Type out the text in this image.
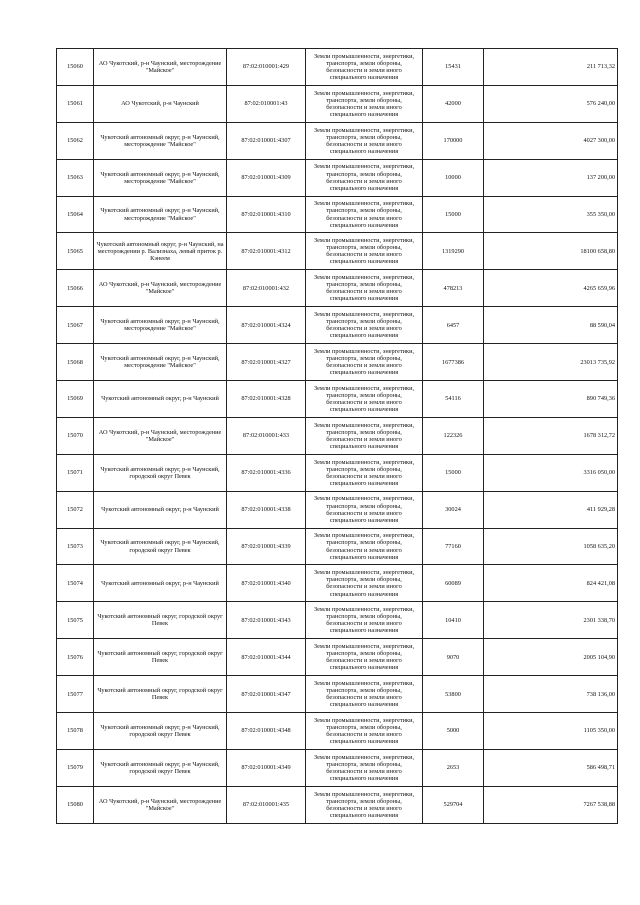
15060	АО Чукотский, р-н Чаунский, месторождение "Майское"	87:02:010001:429	Земли промышленности, энергетики, транспорта, земли обороны, безопасности и земли иного специального назначения	15431	211 713,32
15061	АО Чукотский, р-н Чаунский	87:02:010001:43	Земли промышленности, энергетики, транспорта, земли обороны, безопасности и земли иного специального назначения	42000	576 240,00
15062	Чукотский автономный округ, р-н Чаунский, месторождение "Майское"	87:02:010001:4307	Земли промышленности, энергетики, транспорта, земли обороны, безопасности и земли иного специального назначения	170000	4027 300,00
15063	Чукотский автономный округ, р-н Чаунский, месторождение "Майское"	87:02:010001:4309	Земли промышленности, энергетики, транспорта, земли обороны, безопасности и земли иного специального назначения	10000	137 200,00
15064	Чукотский автономный округ, р-н Чаунский, месторождение "Майское"	87:02:010001:4310	Земли промышленности, энергетики, транспорта, земли обороны, безопасности и земли иного специального назначения	15000	355 350,00
15065	Чукотский автономный округ, р-н Чаунский, на месторождении р. Вализнаха, левый приток р. Кэнеем	87:02:010001:4312	Земли промышленности, энергетики, транспорта, земли обороны, безопасности и земли иного специального назначения	1319290	18100 658,80
15066	АО Чукотский, р-н Чаунский, месторождение "Майское"	87:02:010001:432	Земли промышленности, энергетики, транспорта, земли обороны, безопасности и земли иного специального назначения	478213	4265 659,96
15067	Чукотский автономный округ, р-н Чаунский, месторождение "Майское"	87:02:010001:4324	Земли промышленности, энергетики, транспорта, земли обороны, безопасности и земли иного специального назначения	6457	88 590,04
15068	Чукотский автономный округ, р-н Чаунский, месторождение "Майское"	87:02:010001:4327	Земли промышленности, энергетики, транспорта, земли обороны, безопасности и земли иного специального назначения	1677386	23013 735,92
15069	Чукотский автономный округ, р-н Чаунский	87:02:010001:4328	Земли промышленности, энергетики, транспорта, земли обороны, безопасности и земли иного специального назначения	54116	890 749,36
15070	АО Чукотский, р-н Чаунский, месторождение "Майское"	87:02:010001:433	Земли промышленности, энергетики, транспорта, земли обороны, безопасности и земли иного специального назначения	122326	1678 312,72
15071	Чукотский автономный округ, р-н Чаунский, городской округ Певек	87:02:010001:4336	Земли промышленности, энергетики, транспорта, земли обороны, безопасности и земли иного специального назначения	15000	3316 050,00
15072	Чукотский автономный округ, р-н Чаунский	87:02:010001:4338	Земли промышленности, энергетики, транспорта, земли обороны, безопасности и земли иного специального назначения	30024	411 929,28
15073	Чукотский автономный округ, р-н Чаунский, городской округ Певек	87:02:010001:4339	Земли промышленности, энергетики, транспорта, земли обороны, безопасности и земли иного специального назначения	77160	1058 635,20
15074	Чукотский автономный округ, р-н Чаунский	87:02:010001:4340	Земли промышленности, энергетики, транспорта, земли обороны, безопасности и земли иного специального назначения	60089	824 421,08
15075	Чукотский автономный округ, городской округ Певек	87:02:010001:4343	Земли промышленности, энергетики, транспорта, земли обороны, безопасности и земли иного специального назначения	10410	2301 338,70
15076	Чукотский автономный округ, городской округ Певек	87:02:010001:4344	Земли промышленности, энергетики, транспорта, земли обороны, безопасности и земли иного специального назначения	9070	2005 104,90
15077	Чукотский автономный округ, городской округ Певек	87:02:010001:4347	Земли промышленности, энергетики, транспорта, земли обороны, безопасности и земли иного специального назначения	53800	738 136,00
15078	Чукотский автономный округ, р-н Чаунский, городской округ Певек	87:02:010001:4348	Земли промышленности, энергетики, транспорта, земли обороны, безопасности и земли иного специального назначения	5000	1105 350,00
15079	Чукотский автономный округ, р-н Чаунский, городской округ Певек	87:02:010001:4349	Земли промышленности, энергетики, транспорта, земли обороны, безопасности и земли иного специального назначения	2653	586 498,71
15080	АО Чукотский, р-н Чаунский, месторождение "Майское"	87:02:010001:435	Земли промышленности, энергетики, транспорта, земли обороны, безопасности и земли иного специального назначения	529704	7267 538,88
